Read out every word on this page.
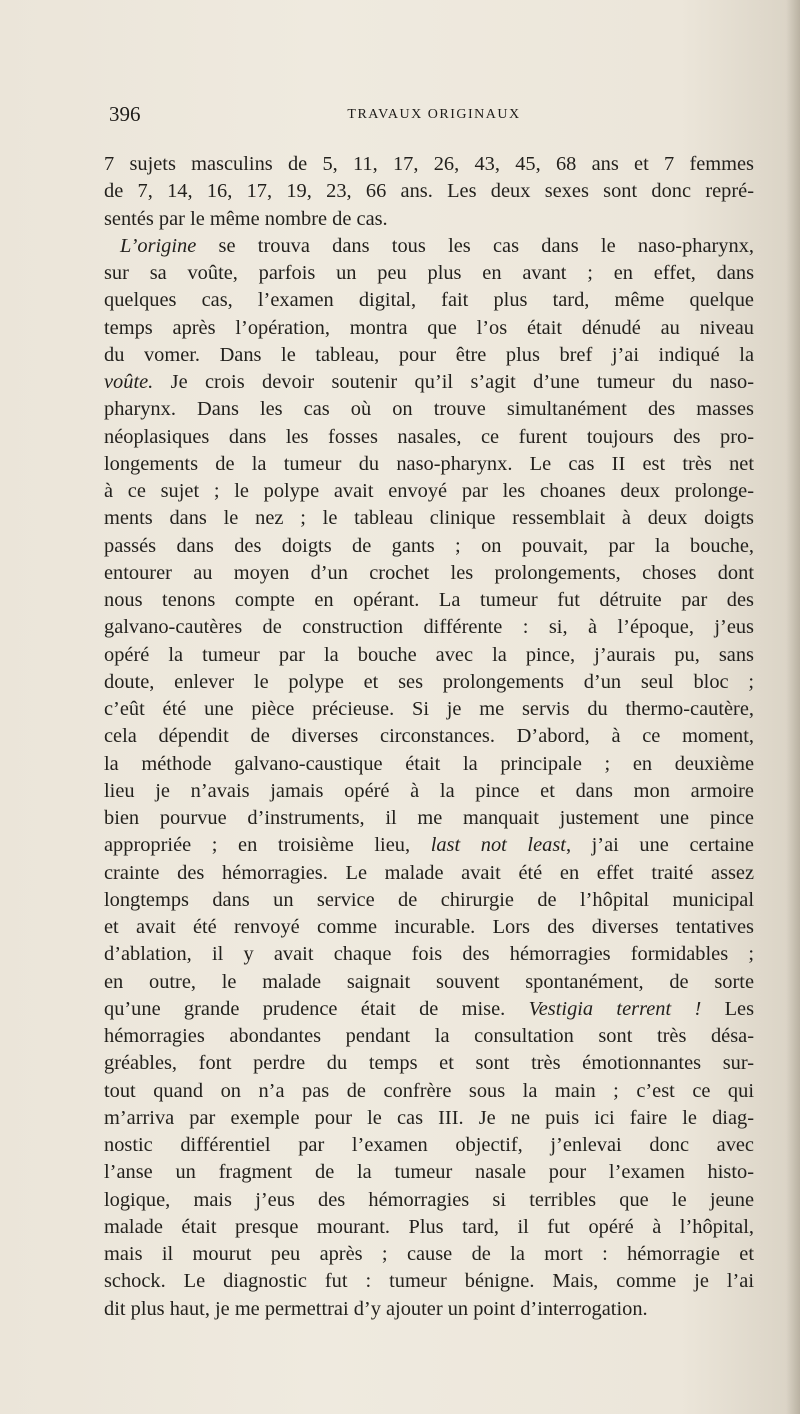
396	TRAVAUX ORIGINAUX
7 sujets masculins de 5, 11, 17, 26, 43, 45, 68 ans et 7 femmes
de 7, 14, 16, 17, 19, 23, 66 ans. Les deux sexes sont donc repré-
sentés par le même nombre de cas.
L’origine se trouva dans tous les cas dans le naso-pharynx,
sur sa voûte, parfois un peu plus en avant ; en effet, dans
quelques cas, l’examen digital, fait plus tard, même quelque
temps après l’opération, montra que l’os était dénudé au niveau
du vomer. Dans le tableau, pour être plus bref j’ai indiqué la
voûte. Je crois devoir soutenir qu’il s’agit d’une tumeur du naso-
pharynx. Dans les cas où on trouve simultanément des masses
néoplasiques dans les fosses nasales, ce furent toujours des pro-
longements de la tumeur du naso-pharynx. Le cas II est très net
à ce sujet ; le polype avait envoyé par les choanes deux prolonge-
ments dans le nez ; le tableau clinique ressemblait à deux doigts
passés dans des doigts de gants ; on pouvait, par la bouche,
entourer au moyen d’un crochet les prolongements, choses dont
nous tenons compte en opérant. La tumeur fut détruite par des
galvano-cautères de construction différente : si, à l’époque, j’eus
opéré la tumeur par la bouche avec la pince, j’aurais pu, sans
doute, enlever le polype et ses prolongements d’un seul bloc ;
c’eût été une pièce précieuse. Si je me servis du thermo-cautère,
cela dépendit de diverses circonstances. D’abord, à ce moment,
la méthode galvano-caustique était la principale ; en deuxième
lieu je n’avais jamais opéré à la pince et dans mon armoire
bien pourvue d’instruments, il me manquait justement une pince
appropriée ; en troisième lieu, last not least, j’ai une certaine
crainte des hémorragies. Le malade avait été en effet traité assez
longtemps dans un service de chirurgie de l’hôpital municipal
et avait été renvoyé comme incurable. Lors des diverses tentatives
d’ablation, il y avait chaque fois des hémorragies formidables ;
en outre, le malade saignait souvent spontanément, de sorte
qu’une grande prudence était de mise. Vestigia terrent ! Les
hémorragies abondantes pendant la consultation sont très désa-
gréables, font perdre du temps et sont très émotionnantes sur-
tout quand on n’a pas de confrère sous la main ; c’est ce qui
m’arriva par exemple pour le cas III. Je ne puis ici faire le diag-
nostic différentiel par l’examen objectif, j’enlevai donc avec
l’anse un fragment de la tumeur nasale pour l’examen histo-
logique, mais j’eus des hémorragies si terribles que le jeune
malade était presque mourant. Plus tard, il fut opéré à l’hôpital,
mais il mourut peu après ; cause de la mort : hémorragie et
schock. Le diagnostic fut : tumeur bénigne. Mais, comme je l’ai
dit plus haut, je me permettrai d’y ajouter un point d’interrogation.
